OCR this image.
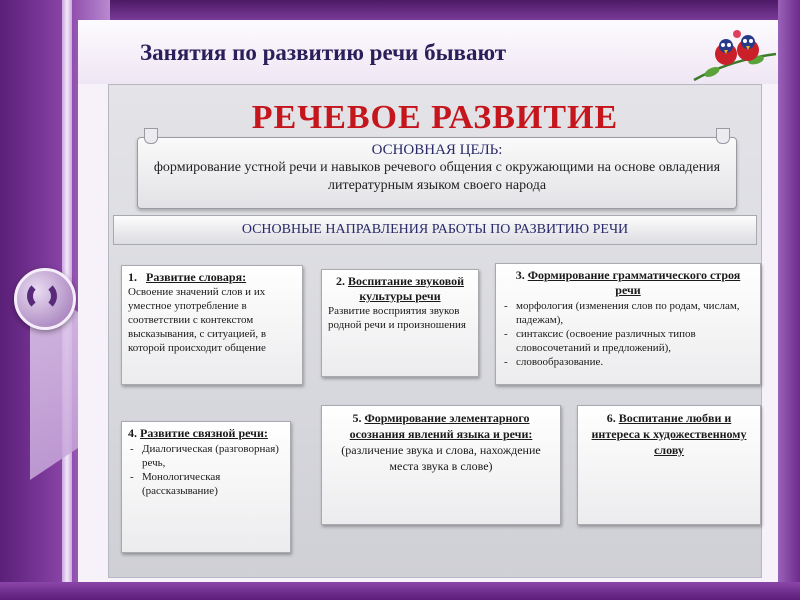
Занятия по развитию речи бывают
РЕЧЕВОЕ РАЗВИТИЕ
ОСНОВНАЯ ЦЕЛЬ:
формирование устной речи и навыков речевого общения с окружающими на основе овладения литературным языком своего народа
ОСНОВНЫЕ НАПРАВЛЕНИЯ РАБОТЫ ПО РАЗВИТИЮ РЕЧИ
1. Развитие словаря:
Освоение значений слов и их уместное употребление в соответствии с контекстом высказывания, с ситуацией, в которой происходит общение
2. Воспитание звуковой культуры речи
Развитие восприятия звуков родной речи и произношения
3. Формирование грамматического строя речи
- морфология (изменения слов по родам, числам, падежам),
- синтаксис (освоение различных типов словосочетаний и предложений),
- словообразование.
4. Развитие связной речи:
- Диалогическая (разговорная) речь,
- Монологическая (рассказывание)
5. Формирование элементарного осознания явлений языка и речи:
(различение звука и слова, нахождение места звука в слове)
6. Воспитание любви и интереса к художественному слову
